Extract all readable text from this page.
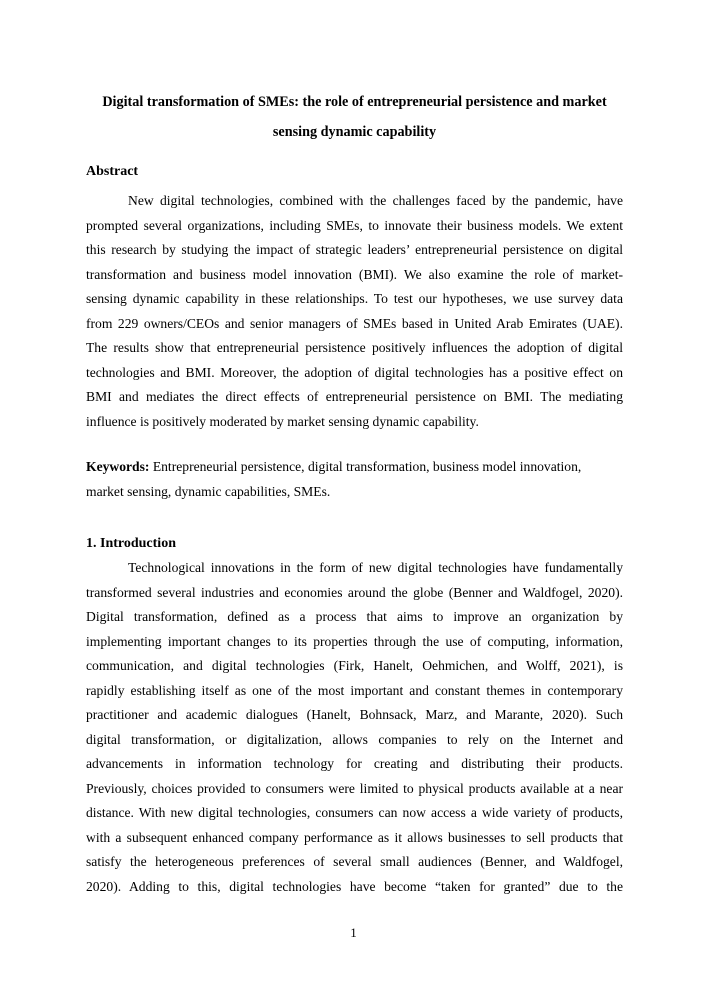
Digital transformation of SMEs: the role of entrepreneurial persistence and market
sensing dynamic capability
Abstract
New digital technologies, combined with the challenges faced by the pandemic, have
prompted several organizations, including SMEs, to innovate their business models. We extent
this research by studying the impact of strategic leaders’ entrepreneurial persistence on digital
transformation and business model innovation (BMI). We also examine the role of market-
sensing dynamic capability in these relationships. To test our hypotheses, we use survey data
from 229 owners/CEOs and senior managers of SMEs based in United Arab Emirates (UAE).
The results show that entrepreneurial persistence positively influences the adoption of digital
technologies and BMI. Moreover, the adoption of digital technologies has a positive effect on
BMI and mediates the direct effects of entrepreneurial persistence on BMI. The mediating
influence is positively moderated by market sensing dynamic capability.
Keywords: Entrepreneurial persistence, digital transformation, business model innovation,
market sensing, dynamic capabilities, SMEs.
1. Introduction
Technological innovations in the form of new digital technologies have fundamentally
transformed several industries and economies around the globe (Benner and Waldfogel, 2020).
Digital transformation, defined as a process that aims to improve an organization by
implementing important changes to its properties through the use of computing, information,
communication, and digital technologies (Firk, Hanelt, Oehmichen, and Wolff, 2021), is
rapidly establishing itself as one of the most important and constant themes in contemporary
practitioner and academic dialogues (Hanelt, Bohnsack, Marz, and Marante, 2020). Such
digital transformation, or digitalization, allows companies to rely on the Internet and
advancements in information technology for creating and distributing their products.
Previously, choices provided to consumers were limited to physical products available at a near
distance. With new digital technologies, consumers can now access a wide variety of products,
with a subsequent enhanced company performance as it allows businesses to sell products that
satisfy the heterogeneous preferences of several small audiences (Benner, and Waldfogel,
2020). Adding to this, digital technologies have become “taken for granted” due to the
1
